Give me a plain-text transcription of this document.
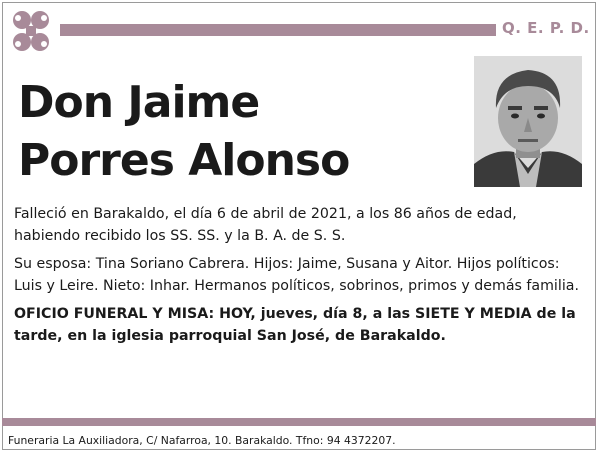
Q. E. P. D.
Don Jaime
Porres Alonso

Falleció en Barakaldo, el día 6 de abril de 2021, a los 86 años de edad, habiendo recibido los SS. SS. y la B. A. de S. S.

Su esposa: Tina Soriano Cabrera. Hijos: Jaime, Susana y Aitor. Hijos políticos: Luis y Leire. Nieto: Inhar. Hermanos políticos, sobrinos, primos y demás familia.

OFICIO FUNERAL Y MISA: HOY, jueves, día 8, a las SIETE Y MEDIA de la tarde, en la iglesia parroquial San José, de Barakaldo.

Funeraria La Auxiliadora, C/ Nafarroa, 10. Barakaldo. Tfno: 94 4372207.
